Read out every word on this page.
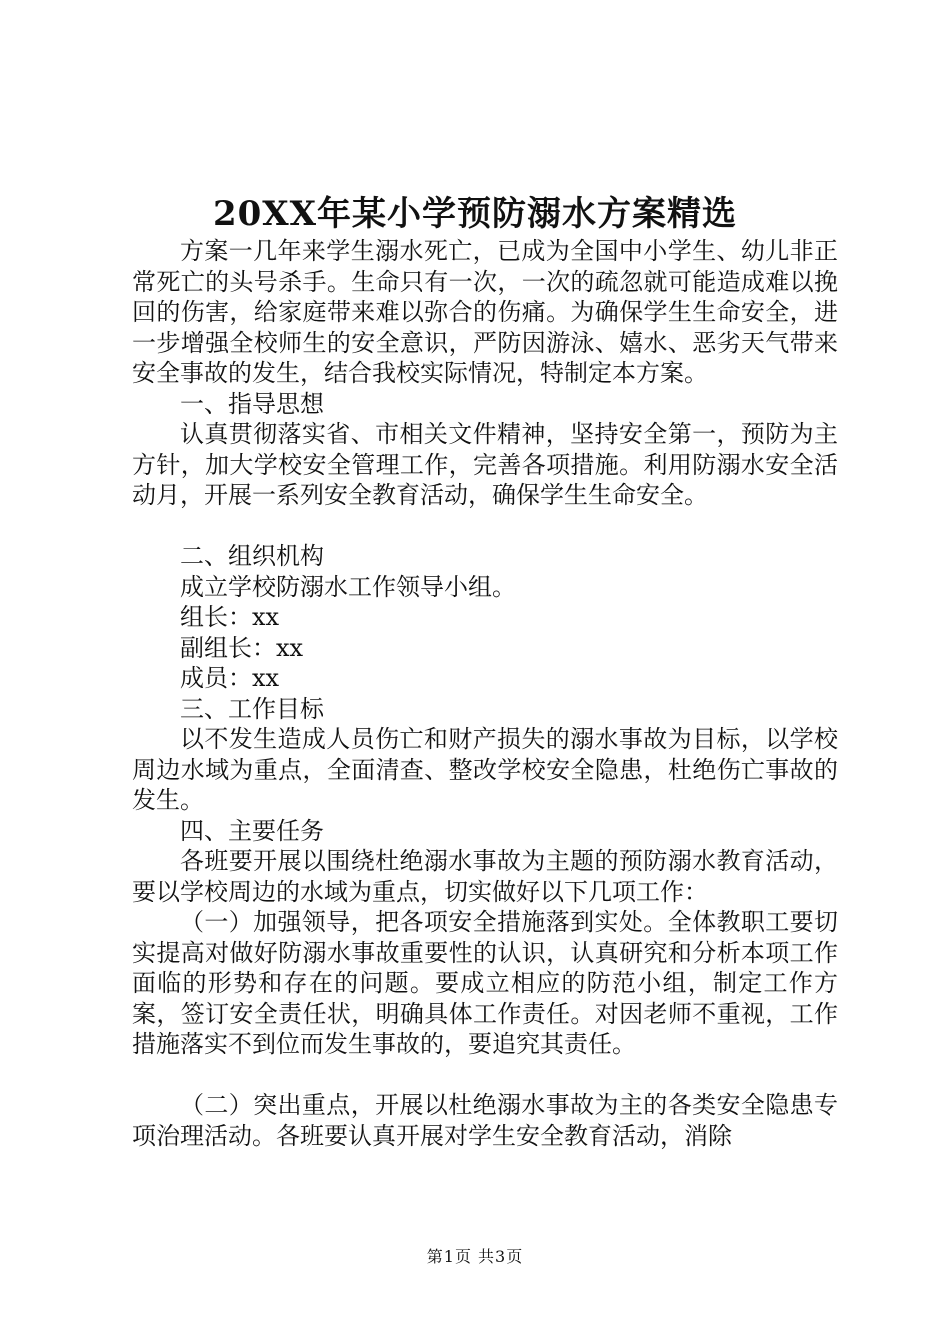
20XX年某小学预防溺水方案精选

方案一几年来学生溺水死亡，已成为全国中小学生、幼儿非正常死亡的头号杀手。生命只有一次，一次的疏忽就可能造成难以挽回的伤害，给家庭带来难以弥合的伤痛。为确保学生生命安全，进一步增强全校师生的安全意识，严防因游泳、嬉水、恶劣天气带来安全事故的发生，结合我校实际情况，特制定本方案。

一、指导思想

认真贯彻落实省、市相关文件精神，坚持安全第一，预防为主方针，加大学校安全管理工作，完善各项措施。利用防溺水安全活动月，开展一系列安全教育活动，确保学生生命安全。

二、组织机构

成立学校防溺水工作领导小组。

组长：xx

副组长：xx

成员：xx

三、工作目标

以不发生造成人员伤亡和财产损失的溺水事故为目标，以学校周边水域为重点，全面清查、整改学校安全隐患，杜绝伤亡事故的发生。

四、主要任务

各班要开展以围绕杜绝溺水事故为主题的预防溺水教育活动，要以学校周边的水域为重点，切实做好以下几项工作：

（一）加强领导，把各项安全措施落到实处。全体教职工要切实提高对做好防溺水事故重要性的认识，认真研究和分析本项工作面临的形势和存在的问题。要成立相应的防范小组，制定工作方案，签订安全责任状，明确具体工作责任。对因老师不重视，工作措施落实不到位而发生事故的，要追究其责任。

（二）突出重点，开展以杜绝溺水事故为主的各类安全隐患专项治理活动。各班要认真开展对学生安全教育活动，消除

第1页 共3页
